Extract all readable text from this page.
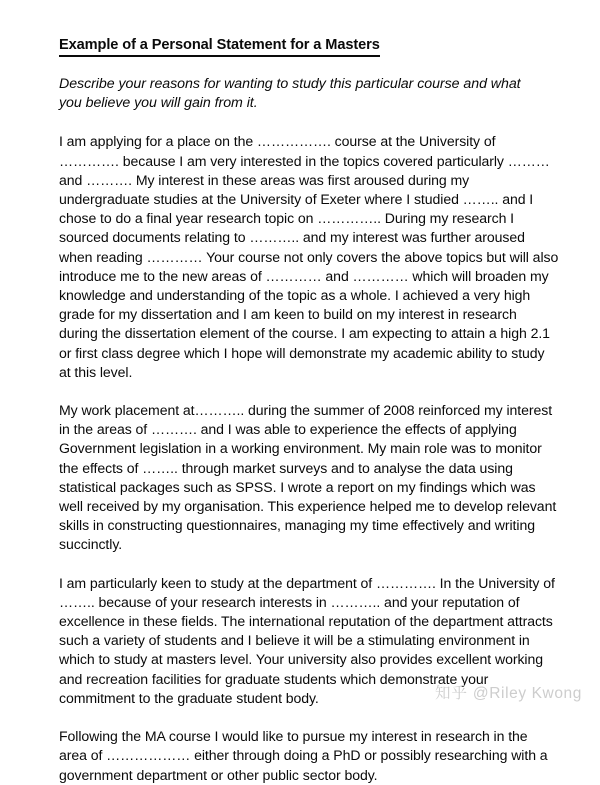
Example of a Personal Statement for a Masters

Describe your reasons for wanting to study this particular course and what you believe you will gain from it.

I am applying for a place on the ……………. course at the University of …………. because I am very interested in the topics covered particularly ……… and ………. My interest in these areas was first aroused during my undergraduate studies at the University of Exeter where I studied …….. and I chose to do a final year research topic on ………….. During my research I sourced documents relating to ……….. and my interest was further aroused when reading ………… Your course not only covers the above topics but will also introduce me to the new areas of ………… and ………… which will broaden my knowledge and understanding of the topic as a whole. I achieved a very high grade for my dissertation and I am keen to build on my interest in research during the dissertation element of the course. I am expecting to attain a high 2.1 or first class degree which I hope will demonstrate my academic ability to study at this level.

My work placement at……….. during the summer of 2008 reinforced my interest in the areas of ………. and I was able to experience the effects of applying Government legislation in a working environment. My main role was to monitor the effects of …….. through market surveys and to analyse the data using statistical packages such as SPSS. I wrote a report on my findings which was well received by my organisation. This experience helped me to develop relevant skills in constructing questionnaires, managing my time effectively and writing succinctly.

I am particularly keen to study at the department of …………. In the University of …….. because of your research interests in ……….. and your reputation of excellence in these fields. The international reputation of the department attracts such a variety of students and I believe it will be a stimulating environment in which to study at masters level. Your university also provides excellent working and recreation facilities for graduate students which demonstrate your commitment to the graduate student body.

Following the MA course I would like to pursue my interest in research in the area of ……………… either through doing a PhD or possibly researching with a government department or other public sector body.

知乎 @Riley Kwong
